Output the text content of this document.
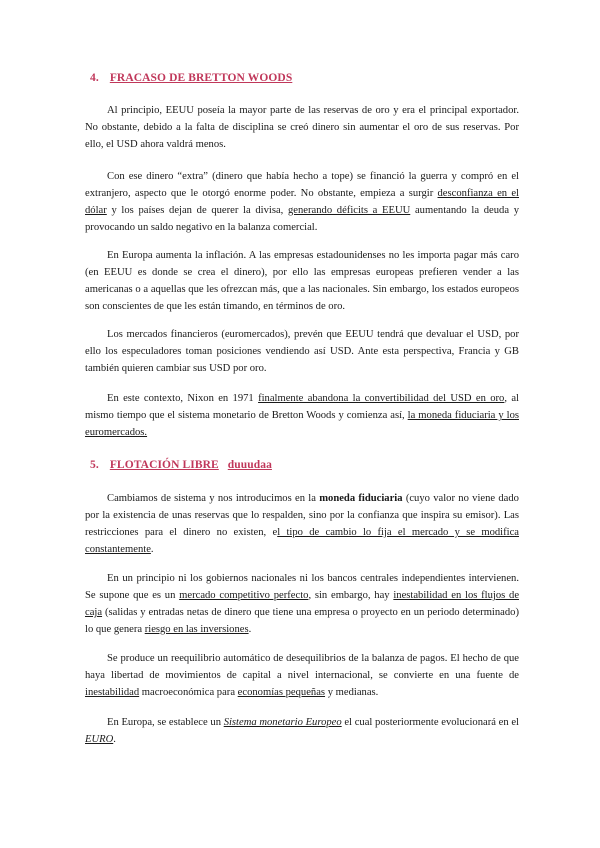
4. FRACASO DE BRETTON WOODS

Al principio, EEUU poseía la mayor parte de las reservas de oro y era el principal exportador. No obstante, debido a la falta de disciplina se creó dinero sin aumentar el oro de sus reservas. Por ello, el USD ahora valdrá menos.

Con ese dinero “extra” (dinero que había hecho a tope) se financió la guerra y compró en el extranjero, aspecto que le otorgó enorme poder. No obstante, empieza a surgir desconfianza en el dólar y los países dejan de querer la divisa, generando déficits a EEUU aumentando la deuda y provocando un saldo negativo en la balanza comercial.

En Europa aumenta la inflación. A las empresas estadounidenses no les importa pagar más caro (en EEUU es donde se crea el dinero), por ello las empresas europeas prefieren vender a las americanas o a aquellas que les ofrezcan más, que a las nacionales. Sin embargo, los estados europeos son conscientes de que les están timando, en términos de oro.

Los mercados financieros (euromercados), prevén que EEUU tendrá que devaluar el USD, por ello los especuladores toman posiciones vendiendo así USD. Ante esta perspectiva, Francia y GB también quieren cambiar sus USD por oro.

En este contexto, Nixon en 1971 finalmente abandona la convertibilidad del USD en oro, al mismo tiempo que el sistema monetario de Bretton Woods y comienza así, la moneda fiduciaria y los euromercados.

5. FLOTACIÓN LIBRE duuudaa

Cambiamos de sistema y nos introducimos en la moneda fiduciaria (cuyo valor no viene dado por la existencia de unas reservas que lo respalden, sino por la confianza que inspira su emisor). Las restricciones para el dinero no existen, el tipo de cambio lo fija el mercado y se modifica constantemente.

En un principio ni los gobiernos nacionales ni los bancos centrales independientes intervienen. Se supone que es un mercado competitivo perfecto, sin embargo, hay inestabilidad en los flujos de caja (salidas y entradas netas de dinero que tiene una empresa o proyecto en un periodo determinado) lo que genera riesgo en las inversiones.

Se produce un reequilibrio automático de desequilibrios de la balanza de pagos. El hecho de que haya libertad de movimientos de capital a nivel internacional, se convierte en una fuente de inestabilidad macroeconómica para economías pequeñas y medianas.

En Europa, se establece un Sistema monetario Europeo el cual posteriormente evolucionará en el EURO.
